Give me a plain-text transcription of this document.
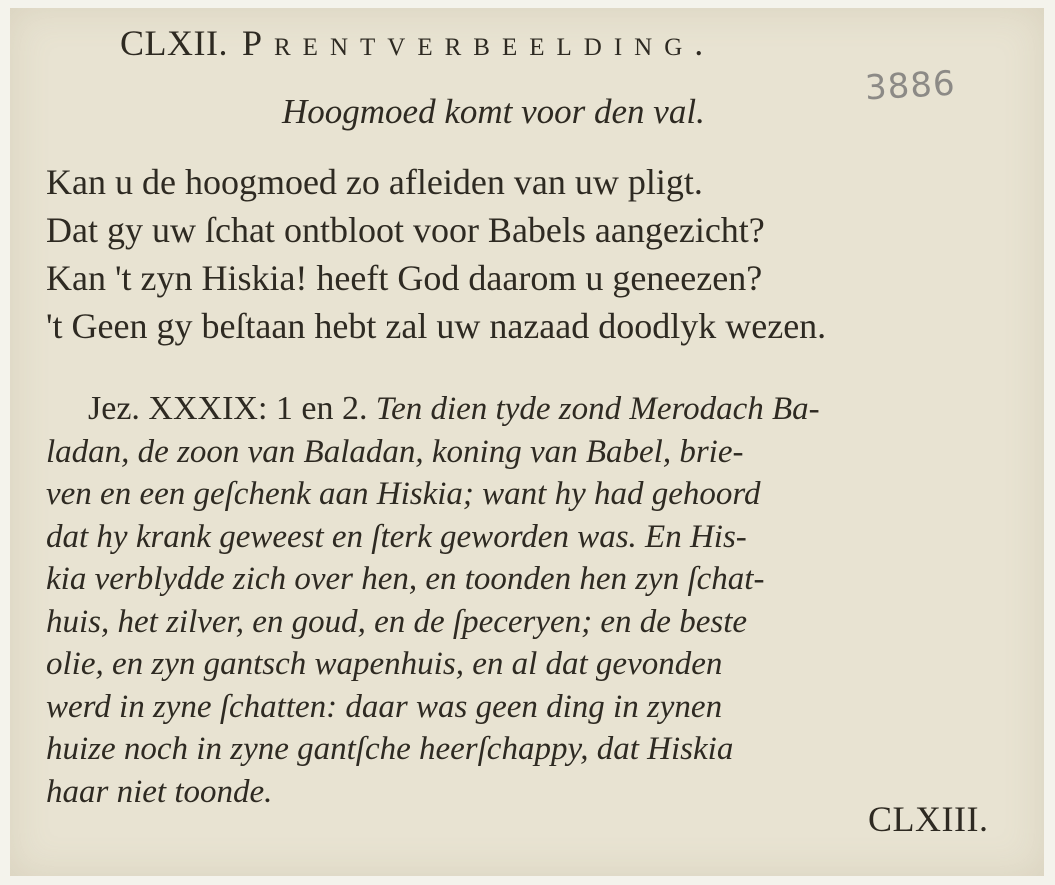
CLXII. Prentverbeelding.
3886
Hoogmoed komt voor den val.
Kan u de hoogmoed zo afleiden van uw pligt.
Dat gy uw ſchat ontbloot voor Babels aangezicht?
Kan 't zyn Hiskia! heeft God daarom u geneezen?
't Geen gy beſtaan hebt zal uw nazaad doodlyk wezen.
Jez. XXXIX: 1 en 2. Ten dien tyde zond Merodach Ba-
ladan, de zoon van Baladan, koning van Babel, brie-
ven en een geſchenk aan Hiskia; want hy had gehoord
dat hy krank geweest en ſterk geworden was. En His-
kia verblydde zich over hen, en toonden hen zyn ſchat-
huis, het zilver, en goud, en de ſpeceryen; en de beste
olie, en zyn gantsch wapenhuis, en al dat gevonden
werd in zyne ſchatten: daar was geen ding in zynen
huize noch in zyne gantſche heerſchappy, dat Hiskia
haar niet toonde.
CLXIII.
